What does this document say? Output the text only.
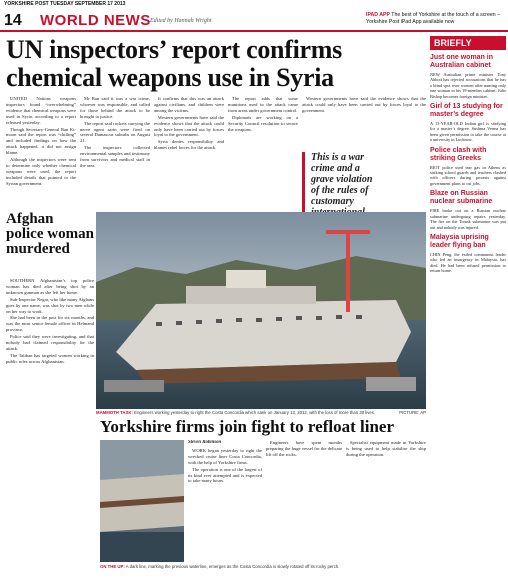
YORKSHIRE POST TUESDAY SEPTEMBER 17 2013
14 WORLD NEWS Edited by Hannah Wright
IPAD APP The best of Yorkshire at the touch of a screen – Yorkshire Post iPad App available now
UN inspectors’ report confirms chemical weapons use in Syria

UNITED Nations weapons inspectors found “overwhelming” evidence that chemical weapons were used in Syria, according to a report released yesterday.

Though Secretary-General Ban Ki-moon said the report was “chilling” and included findings on how the attack happened, it did not assign blame.

Although the inspectors were sent to determine only whether chemical weapons were used, the report included details that pointed to the Syrian government.

Mr Ban said it was a war crime, whoever was responsible, and called for those behind the attack to be brought to justice.

The report said rockets carrying the nerve agent sarin were fired on several Damascus suburbs on August 21.

The inspectors collected environmental samples and testimony from survivors and medical staff in the area.

It confirms that this was an attack against civilians, and children were among the victims.

Western governments have said the evidence shows that the attack could only have been carried out by forces loyal to the government.

Syria denies responsibility and blames rebel forces for the attack.

The report adds that some munitions used in the attack came from areas under government control.

Diplomats are working on a Security Council resolution to secure the weapons.

Western governments have said the evidence shows that the attack could only have been carried out by forces loyal to the government.

This is a war crime and a grave violation of the rules of customary
Afghan police woman murdered

SOUTHERN Afghanistan’s top police woman has died after being shot by an unknown gunman as she left her home.

Sub-Inspector Negar, who like many Afghans goes by one name, was shot by two men while on her way to work.

She had been in the post for six months, and was the most senior female officer in Helmand province.

Police said they were investigating, and that nobody had claimed responsibility for the attack.

The Taliban has targeted women working in public roles across Afghanistan.

MAMMOTH TASK: Engineers working yesterday to right the Costa Concordia which sank on January 13, 2012, with the loss of more than 30 lives.	PICTURE: AP
Yorkshire firms join fight to refloat liner
Steven Robinson

WORK began yesterday to right the wrecked cruise liner Costa Concordia, with the help of Yorkshire firms.

The operation is one of the largest of its kind ever attempted and is expected to take many hours.

Engineers have spent months preparing the huge vessel for the delicate lift off the rocks.

Specialist equipment made in Yorkshire is being used to help stabilise the ship during the operation.

ON THE UP: A dark line, marking the previous waterline, emerges as the Costa Concordia is slowly rotated off its rocky perch.
BRIEFLY
Just one woman in Australian cabinet

NEW Australian prime minister Tony Abbott has rejected accusations that he has a blind spot over women after naming only one woman in his 19-member cabinet. Julie Bishop becomes foreign minister.

Girl of 13 studying for master’s degree

A 13-YEAR-OLD Indian girl is studying for a master’s degree. Sushma Verma has been given permission to take the course at a university in Lucknow.

Police clash with striking Greeks

RIOT police used tear gas in Athens as striking school guards and teachers clashed with officers during protests against government plans to cut jobs.

Blaze on Russian nuclear submarine

FIRE broke out on a Russian nuclear submarine undergoing repairs yesterday. The fire on the Tomsk submarine was put out and nobody was injured.

Malaysia uprising leader flying ban

CHIN Peng, the exiled communist leader who led an insurgency in Malaysia, has died. He had been refused permission to return home.
